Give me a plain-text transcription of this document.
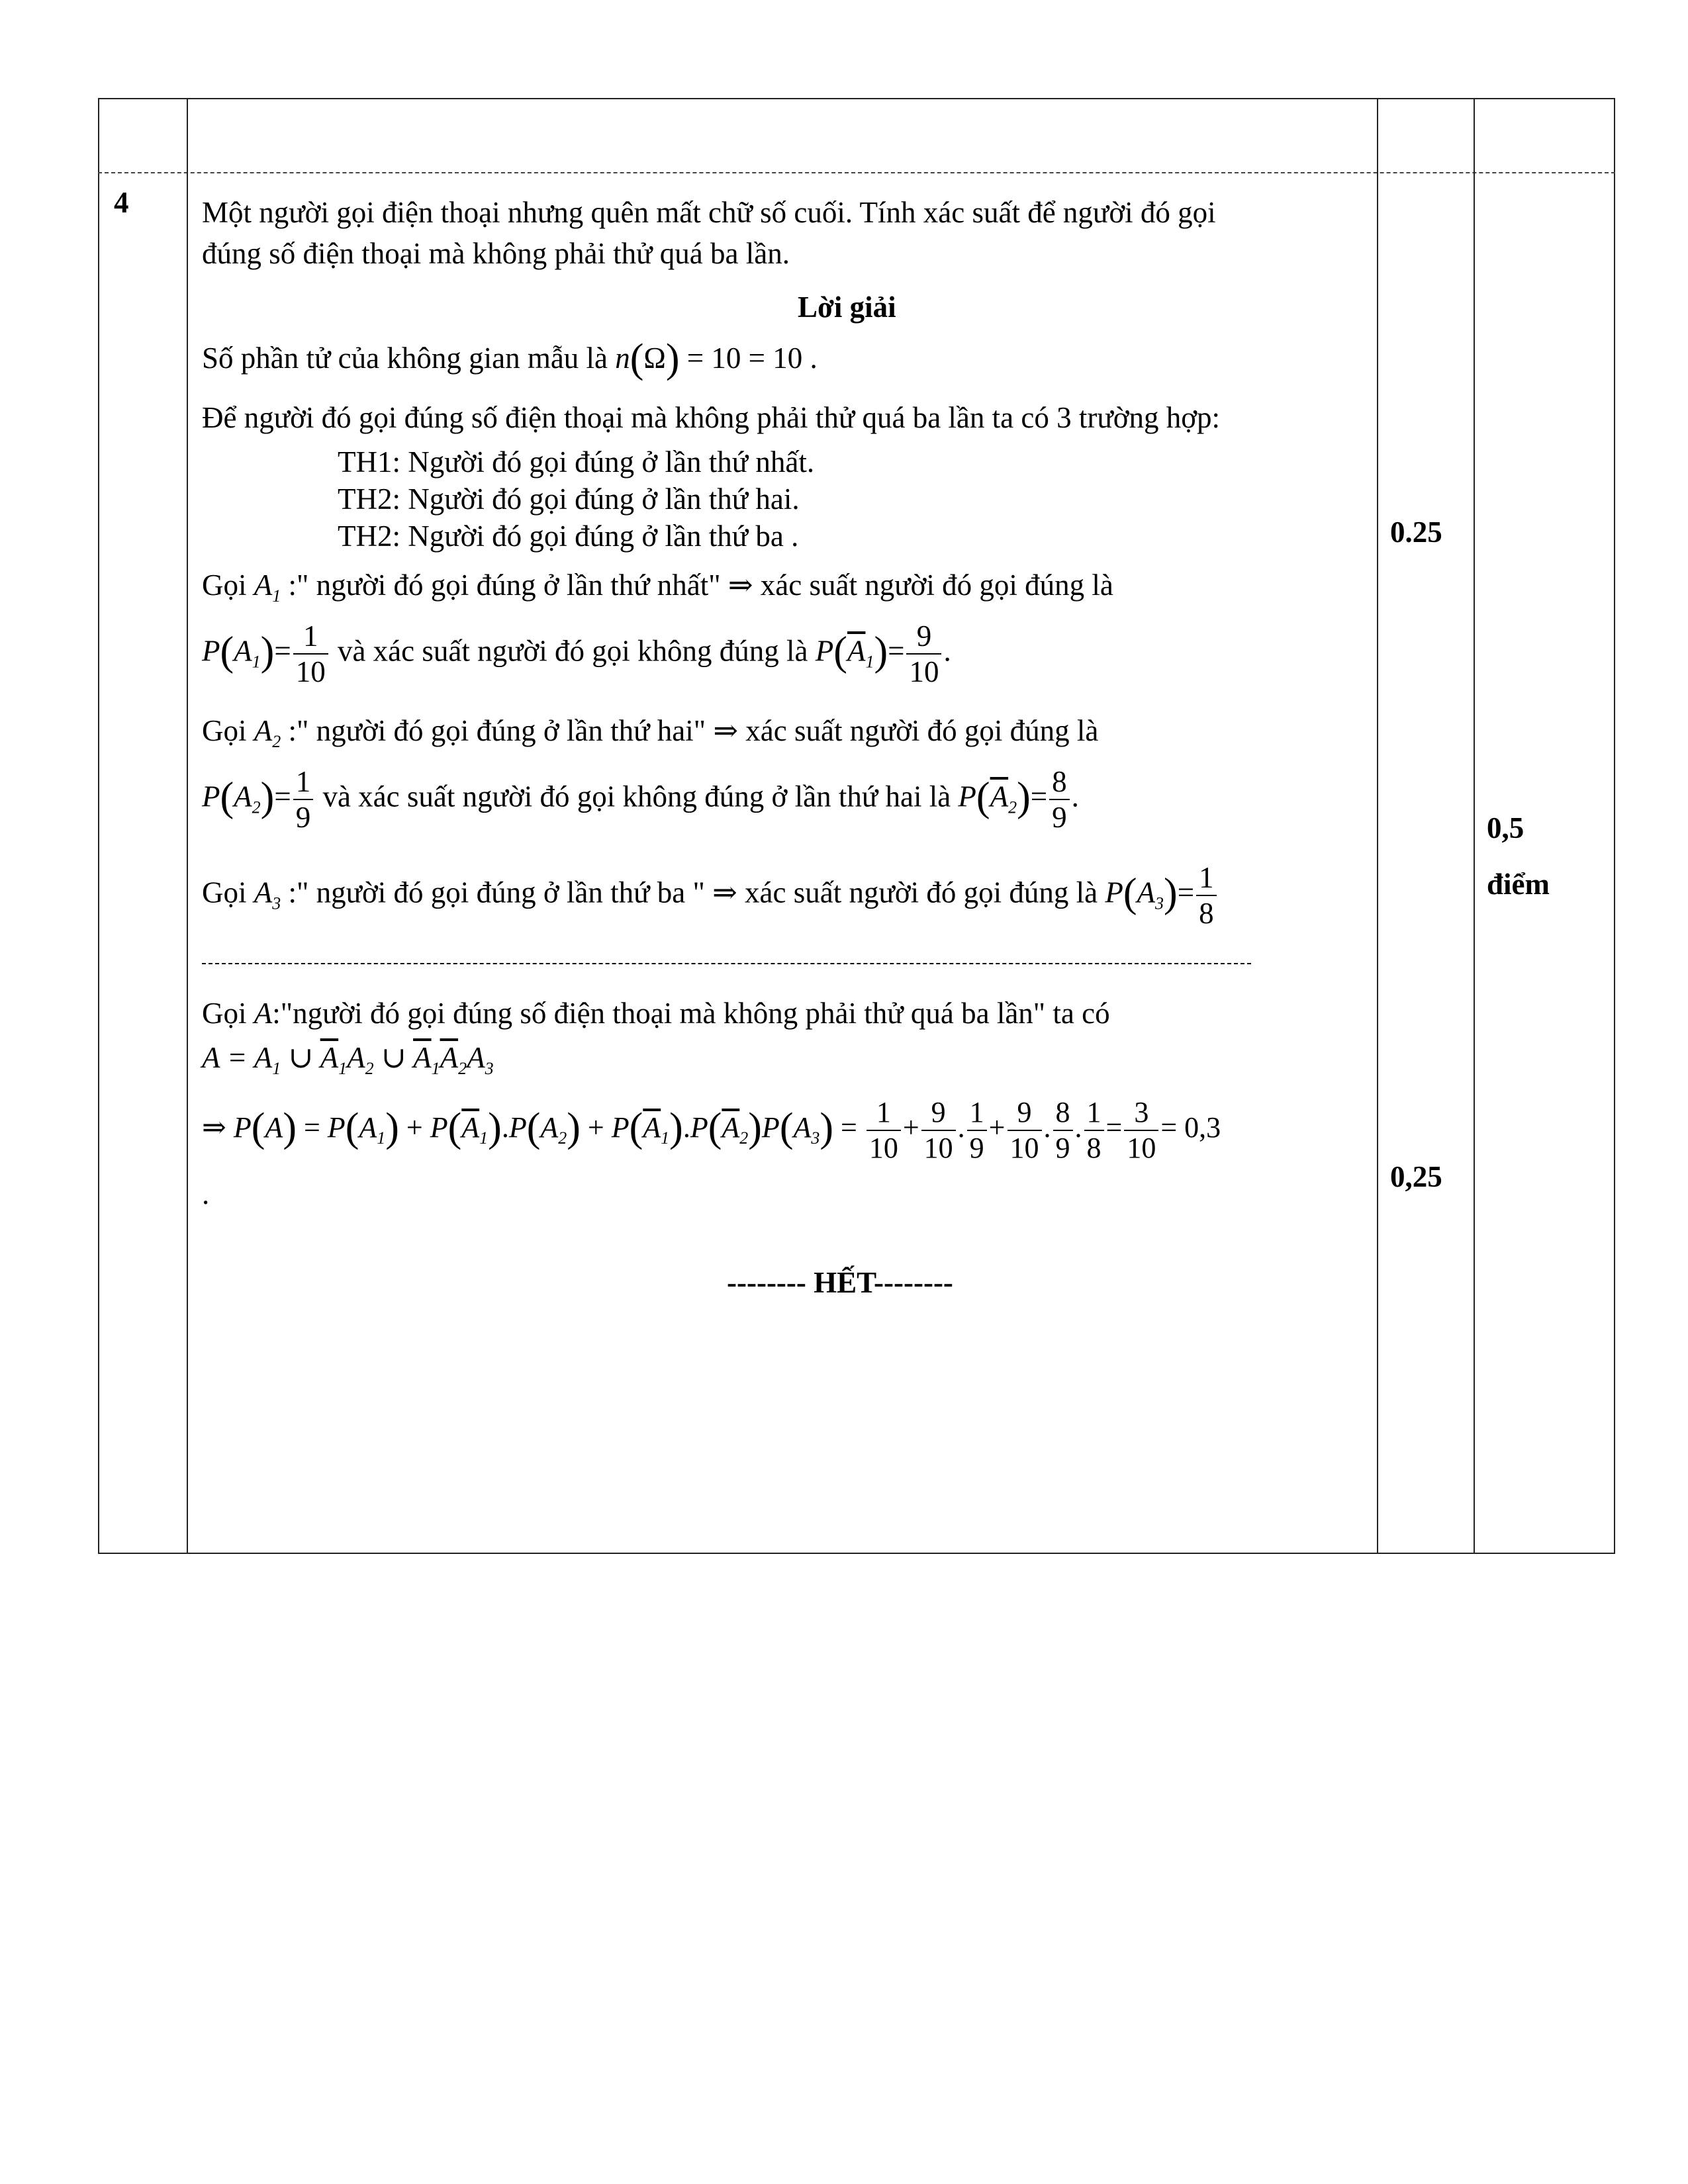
4 Một người gọi điện thoại nhưng quên mất chữ số cuối. Tính xác suất để người đó gọi
đúng số điện thoại mà không phải thử quá ba lần.
Lời giải
Số phần tử của không gian mẫu là n(Ω) = 10 = 10 .
Để người đó gọi đúng số điện thoại mà không phải thử quá ba lần ta có 3 trường hợp:
TH1: Người đó gọi đúng ở lần thứ nhất.
TH2: Người đó gọi đúng ở lần thứ hai.
TH2: Người đó gọi đúng ở lần thứ ba .
Gọi $A_1$ :" người đó gọi đúng ở lần thứ nhất" ⇒ xác suất người đó gọi đúng là
$P(A_1)= \frac{1}{10}$ và xác suất người đó gọi không đúng là $P(\overline{A}_1)= \frac{9}{10}$ .
Gọi $A_2$ :" người đó gọi đúng ở lần thứ hai" ⇒ xác suất người đó gọi đúng là
$P(A_2)= \frac{1}{9}$ và xác suất người đó gọi không đúng ở lần thứ hai là $P(\overline{A}_2)= \frac{8}{9}$ .
Gọi $A_3$ :" người đó gọi đúng ở lần thứ ba " ⇒ xác suất người đó gọi đúng là $P(A_3)= \frac{1}{8}$
Gọi A:"người đó gọi đúng số điện thoại mà không phải thử quá ba lần" ta có
$A = A_1$ ∪ $\overline{A}_1A_2$ ∪ $\overline{A}_1\overline{A}_2A_3$
⇒ $P(A) = P(A_1) + P(\overline{A}_1).P(A_2) + P(\overline{A}_1).P(\overline{A}_2)P(A_3) = \frac{1}{10} + \frac{9}{10}$ . $\frac{1}{9} + \frac{9}{10}$ . $\frac{8}{9}$ . $\frac{1}{8} = \frac{3}{10} = 0,3$
.
-------- HẾT--------
0.25
0,25
0,5
điểm
